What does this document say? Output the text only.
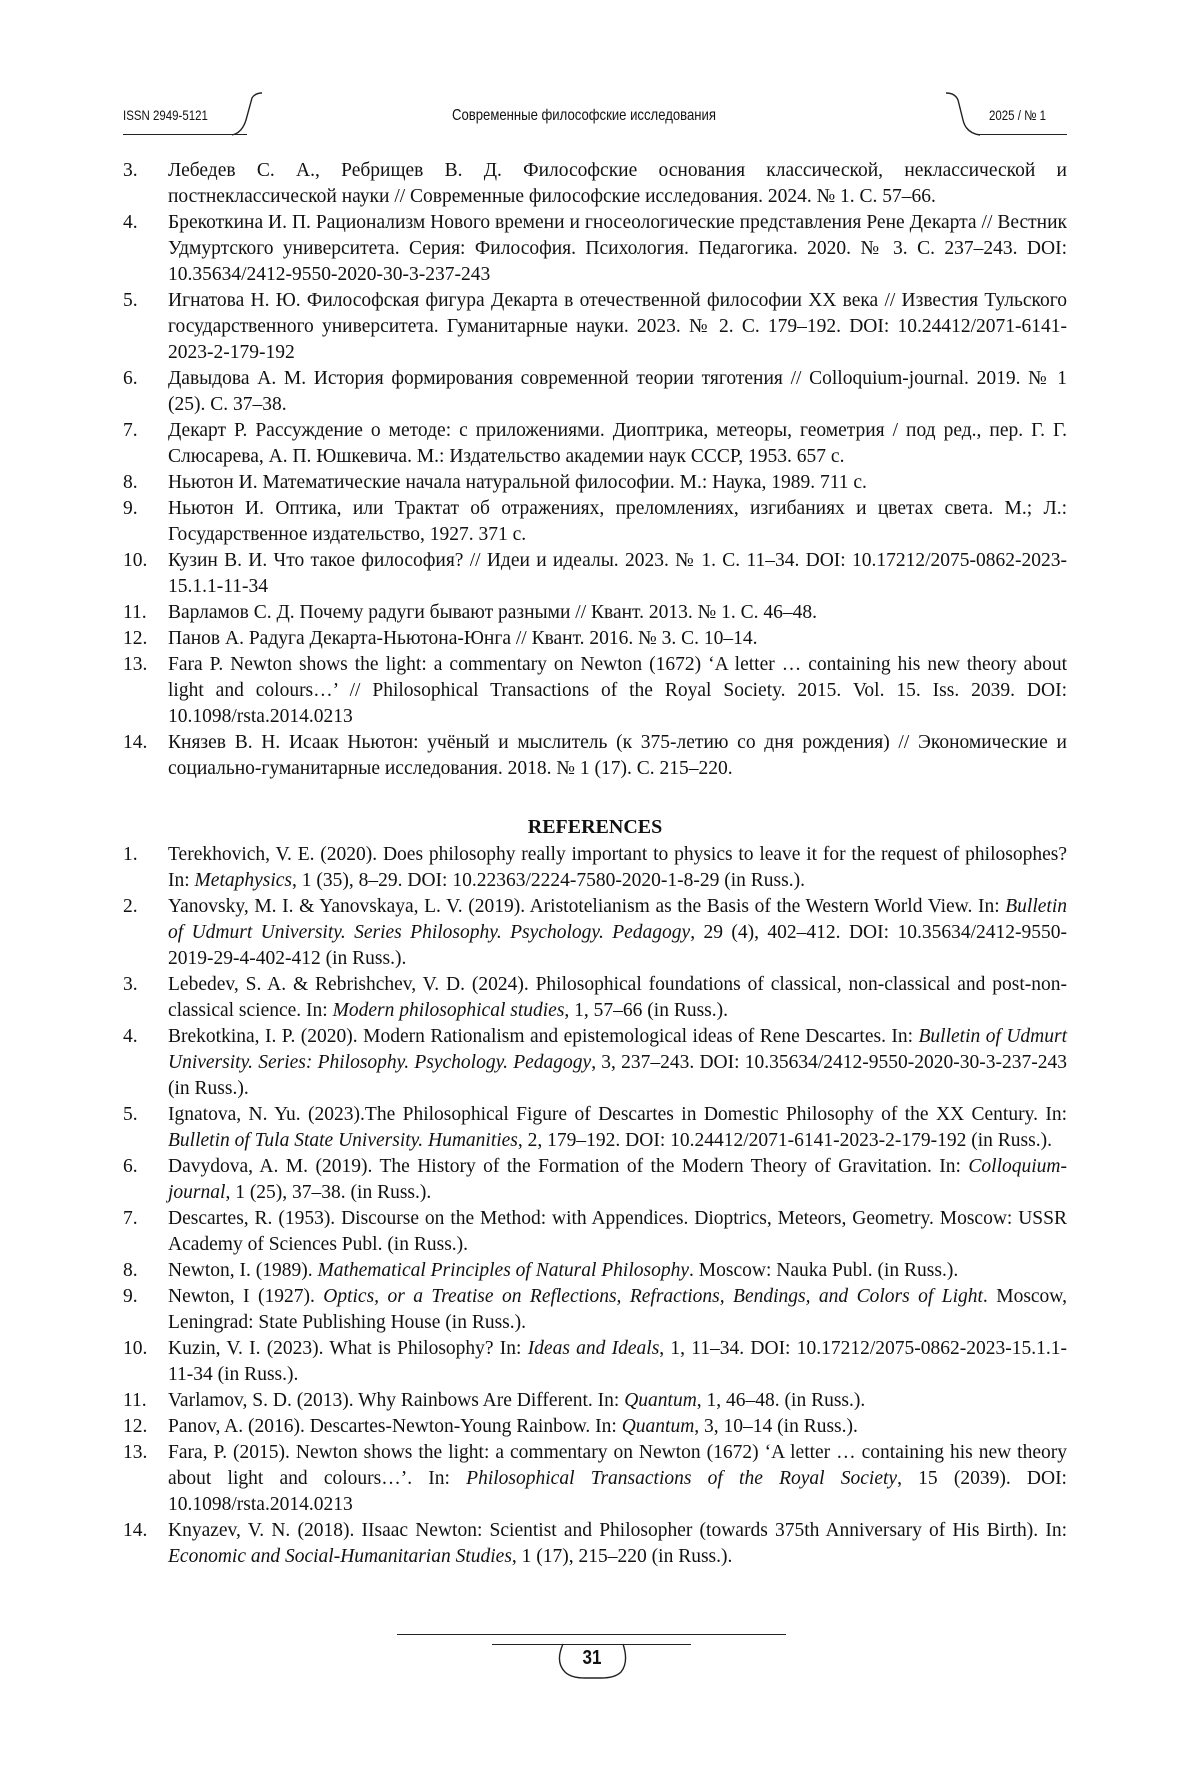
ISSN 2949-5121	Современные философские исследования	2025 / № 1
3. Лебедев С. А., Ребрищев В. Д. Философские основания классической, неклассической и постнеклассической науки // Современные философские исследования. 2024. № 1. С. 57–66.
4. Брекоткина И. П. Рационализм Нового времени и гносеологические представления Рене Декарта // Вестник Удмуртского университета. Серия: Философия. Психология. Педагогика. 2020. № 3. С. 237–243. DOI: 10.35634/2412-9550-2020-30-3-237-243
5. Игнатова Н. Ю. Философская фигура Декарта в отечественной философии XX века // Известия Тульского государственного университета. Гуманитарные науки. 2023. № 2. С. 179–192. DOI: 10.24412/2071-6141-2023-2-179-192
6. Давыдова А. М. История формирования современной теории тяготения // Colloquium-journal. 2019. № 1 (25). С. 37–38.
7. Декарт Р. Рассуждение о методе: с приложениями. Диоптрика, метеоры, геометрия / под ред., пер. Г. Г. Слюсарева, А. П. Юшкевича. М.: Издательство академии наук СССР, 1953. 657 с.
8. Ньютон И. Математические начала натуральной философии. М.: Наука, 1989. 711 с.
9. Ньютон И. Оптика, или Трактат об отражениях, преломлениях, изгибаниях и цветах света. М.; Л.: Государственное издательство, 1927. 371 с.
10. Кузин В. И. Что такое философия? // Идеи и идеалы. 2023. № 1. С. 11–34. DOI: 10.17212/2075-0862-2023-15.1.1-11-34
11. Варламов С. Д. Почему радуги бывают разными // Квант. 2013. № 1. С. 46–48.
12. Панов А. Радуга Декарта-Ньютона-Юнга // Квант. 2016. № 3. С. 10–14.
13. Fara P. Newton shows the light: a commentary on Newton (1672) ‘A letter … containing his new theory about light and colours…’ // Philosophical Transactions of the Royal Society. 2015. Vol. 15. Iss. 2039. DOI: 10.1098/rsta.2014.0213
14. Князев В. Н. Исаак Ньютон: учёный и мыслитель (к 375-летию со дня рождения) // Экономические и социально-гуманитарные исследования. 2018. № 1 (17). С. 215–220.
REFERENCES
1. Terekhovich, V. E. (2020). Does philosophy really important to physics to leave it for the request of philosophes? In: Metaphysics, 1 (35), 8–29. DOI: 10.22363/2224-7580-2020-1-8-29 (in Russ.).
2. Yanovsky, M. I. & Yanovskaya, L. V. (2019). Aristotelianism as the Basis of the Western World View. In: Bulletin of Udmurt University. Series Philosophy. Psychology. Pedagogy, 29 (4), 402–412. DOI: 10.35634/2412-9550-2019-29-4-402-412 (in Russ.).
3. Lebedev, S. A. & Rebrishchev, V. D. (2024). Philosophical foundations of classical, non-classical and post-non-classical science. In: Modern philosophical studies, 1, 57–66 (in Russ.).
4. Brekotkina, I. P. (2020). Modern Rationalism and epistemological ideas of Rene Descartes. In: Bulletin of Udmurt University. Series: Philosophy. Psychology. Pedagogy, 3, 237–243. DOI: 10.35634/2412-9550-2020-30-3-237-243 (in Russ.).
5. Ignatova, N. Yu. (2023).The Philosophical Figure of Descartes in Domestic Philosophy of the XX Century. In: Bulletin of Tula State University. Humanities, 2, 179–192. DOI: 10.24412/2071-6141-2023-2-179-192 (in Russ.).
6. Davydova, A. M. (2019). The History of the Formation of the Modern Theory of Gravitation. In: Colloquium-journal, 1 (25), 37–38. (in Russ.).
7. Descartes, R. (1953). Discourse on the Method: with Appendices. Dioptrics, Meteors, Geometry. Moscow: USSR Academy of Sciences Publ. (in Russ.).
8. Newton, I. (1989). Mathematical Principles of Natural Philosophy. Moscow: Nauka Publ. (in Russ.).
9. Newton, I (1927). Optics, or a Treatise on Reflections, Refractions, Bendings, and Colors of Light. Moscow, Leningrad: State Publishing House (in Russ.).
10. Kuzin, V. I. (2023). What is Philosophy? In: Ideas and Ideals, 1, 11–34. DOI: 10.17212/2075-0862-2023-15.1.1-11-34 (in Russ.).
11. Varlamov, S. D. (2013). Why Rainbows Are Different. In: Quantum, 1, 46–48. (in Russ.).
12. Panov, A. (2016). Descartes-Newton-Young Rainbow. In: Quantum, 3, 10–14 (in Russ.).
13. Fara, P. (2015). Newton shows the light: a commentary on Newton (1672) ‘A letter … containing his new theory about light and colours…’. In: Philosophical Transactions of the Royal Society, 15 (2039). DOI: 10.1098/rsta.2014.0213
14. Knyazev, V. N. (2018). IIsaac Newton: Scientist and Philosopher (towards 375th Anniversary of His Birth). In: Economic and Social-Humanitarian Studies, 1 (17), 215–220 (in Russ.).
31
